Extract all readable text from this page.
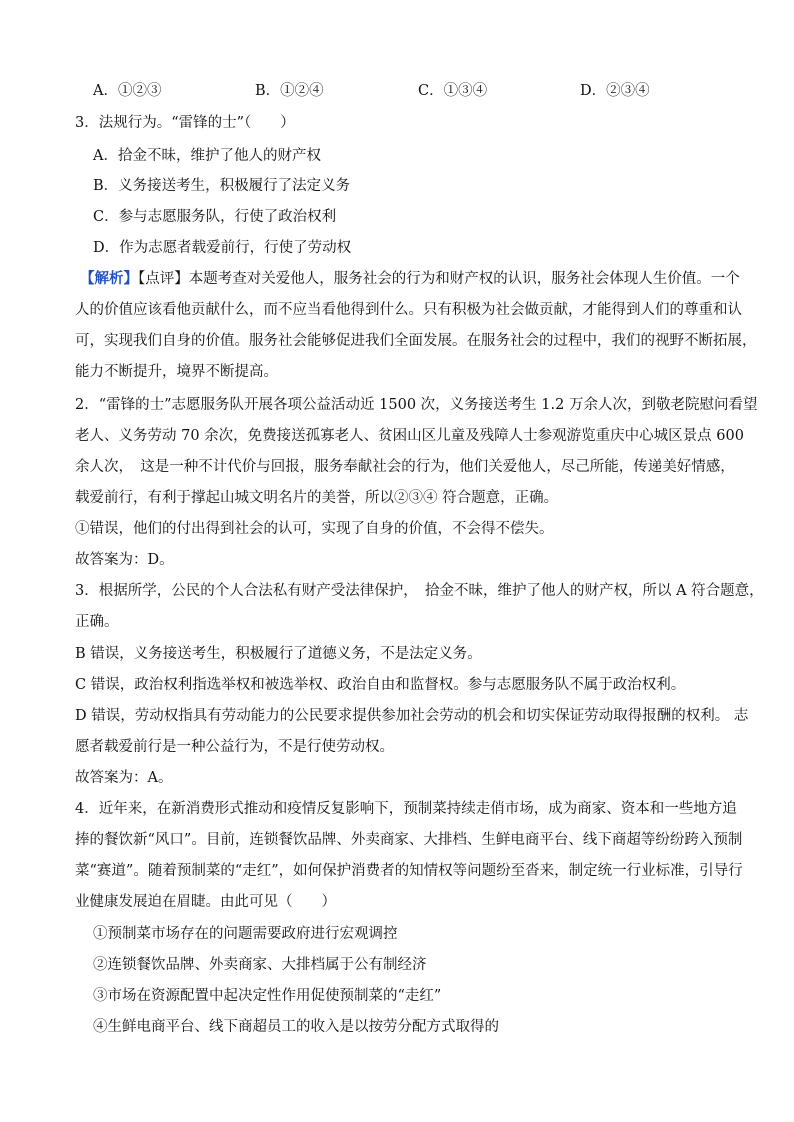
A．①②③	B．①②④	C．①③④	D．②③④
3．法规行为。“雷锋的士”（　　）
A．拾金不昧，维护了他人的财产权
B．义务接送考生，积极履行了法定义务
C．参与志愿服务队，行使了政治权利
D．作为志愿者载爱前行，行使了劳动权
【解析】【点评】本题考查对关爱他人，服务社会的行为和财产权的认识，服务社会体现人生价值。一个
人的价值应该看他贡献什么，而不应当看他得到什么。只有积极为社会做贡献，才能得到人们的尊重和认
可，实现我们自身的价值。服务社会能够促进我们全面发展。在服务社会的过程中，我们的视野不断拓展，
能力不断提升，境界不断提高。
2．“雷锋的士”志愿服务队开展各项公益活动近 1500 次，义务接送考生 1.2 万余人次，到敬老院慰问看望
老人、义务劳动 70 余次，免费接送孤寡老人、贫困山区儿童及残障人士参观游览重庆中心城区景点 600
余人次，　这是一种不计代价与回报，服务奉献社会的行为，他们关爱他人，尽己所能，传递美好情感，
载爱前行，有利于撑起山城文明名片的美誉，所以②③④ 符合题意，正确。
①错误，他们的付出得到社会的认可，实现了自身的价值，不会得不偿失。
故答案为：D。
3．根据所学，公民的个人合法私有财产受法律保护，　拾金不昧，维护了他人的财产权，所以 A 符合题意，
正确。
B 错误，义务接送考生，积极履行了道德义务，不是法定义务。
C 错误，政治权利指选举权和被选举权、政治自由和监督权。参与志愿服务队不属于政治权利。
D 错误，劳动权指具有劳动能力的公民要求提供参加社会劳动的机会和切实保证劳动取得报酬的权利。 志
愿者载爱前行是一种公益行为，不是行使劳动权。
故答案为：A。
4．近年来，在新消费形式推动和疫情反复影响下，预制菜持续走俏市场，成为商家、资本和一些地方追
捧的餐饮新“风口”。目前，连锁餐饮品牌、外卖商家、大排档、生鲜电商平台、线下商超等纷纷跨入预制
菜“赛道”。随着预制菜的“走红”，如何保护消费者的知情权等问题纷至沓来，制定统一行业标准，引导行
业健康发展迫在眉睫。由此可见（　　）
①预制菜市场存在的问题需要政府进行宏观调控
②连锁餐饮品牌、外卖商家、大排档属于公有制经济
③市场在资源配置中起决定性作用促使预制菜的“走红”
④生鲜电商平台、线下商超员工的收入是以按劳分配方式取得的
